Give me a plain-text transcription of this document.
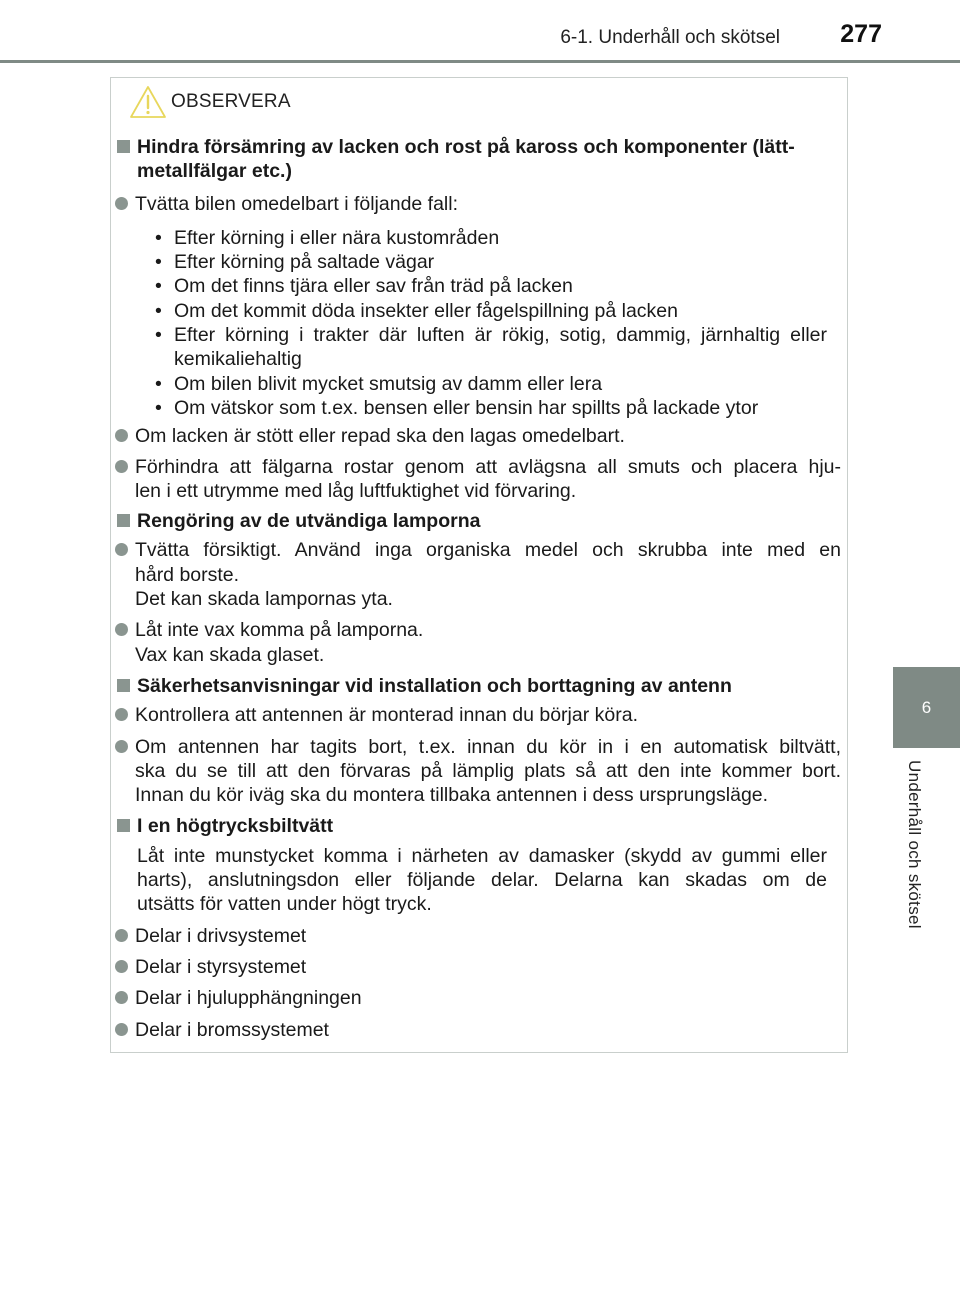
6-1. Underhåll och skötsel	277
6
Underhåll och skötsel
OBSERVERA
Hindra försämring av lacken och rost på kaross och komponenter (lätt-
metallfälgar etc.)
Tvätta bilen omedelbart i följande fall:
• Efter körning i eller nära kustområden
• Efter körning på saltade vägar
• Om det finns tjära eller sav från träd på lacken
• Om det kommit döda insekter eller fågelspillning på lacken
• Efter körning i trakter där luften är rökig, sotig, dammig, järnhaltig eller
kemikaliehaltig
• Om bilen blivit mycket smutsig av damm eller lera
• Om vätskor som t.ex. bensen eller bensin har spillts på lackade ytor
Om lacken är stött eller repad ska den lagas omedelbart.
Förhindra att fälgarna rostar genom att avlägsna all smuts och placera hju-
len i ett utrymme med låg luftfuktighet vid förvaring.
Rengöring av de utvändiga lamporna
Tvätta försiktigt. Använd inga organiska medel och skrubba inte med en
hård borste.
Det kan skada lampornas yta.
Låt inte vax komma på lamporna.
Vax kan skada glaset.
Säkerhetsanvisningar vid installation och borttagning av antenn
Kontrollera att antennen är monterad innan du börjar köra.
Om antennen har tagits bort, t.ex. innan du kör in i en automatisk biltvätt,
ska du se till att den förvaras på lämplig plats så att den inte kommer bort.
Innan du kör iväg ska du montera tillbaka antennen i dess ursprungsläge.
I en högtrycksbiltvätt
Låt inte munstycket komma i närheten av damasker (skydd av gummi eller
harts), anslutningsdon eller följande delar. Delarna kan skadas om de
utsätts för vatten under högt tryck.
Delar i drivsystemet
Delar i styrsystemet
Delar i hjulupphängningen
Delar i bromssystemet
